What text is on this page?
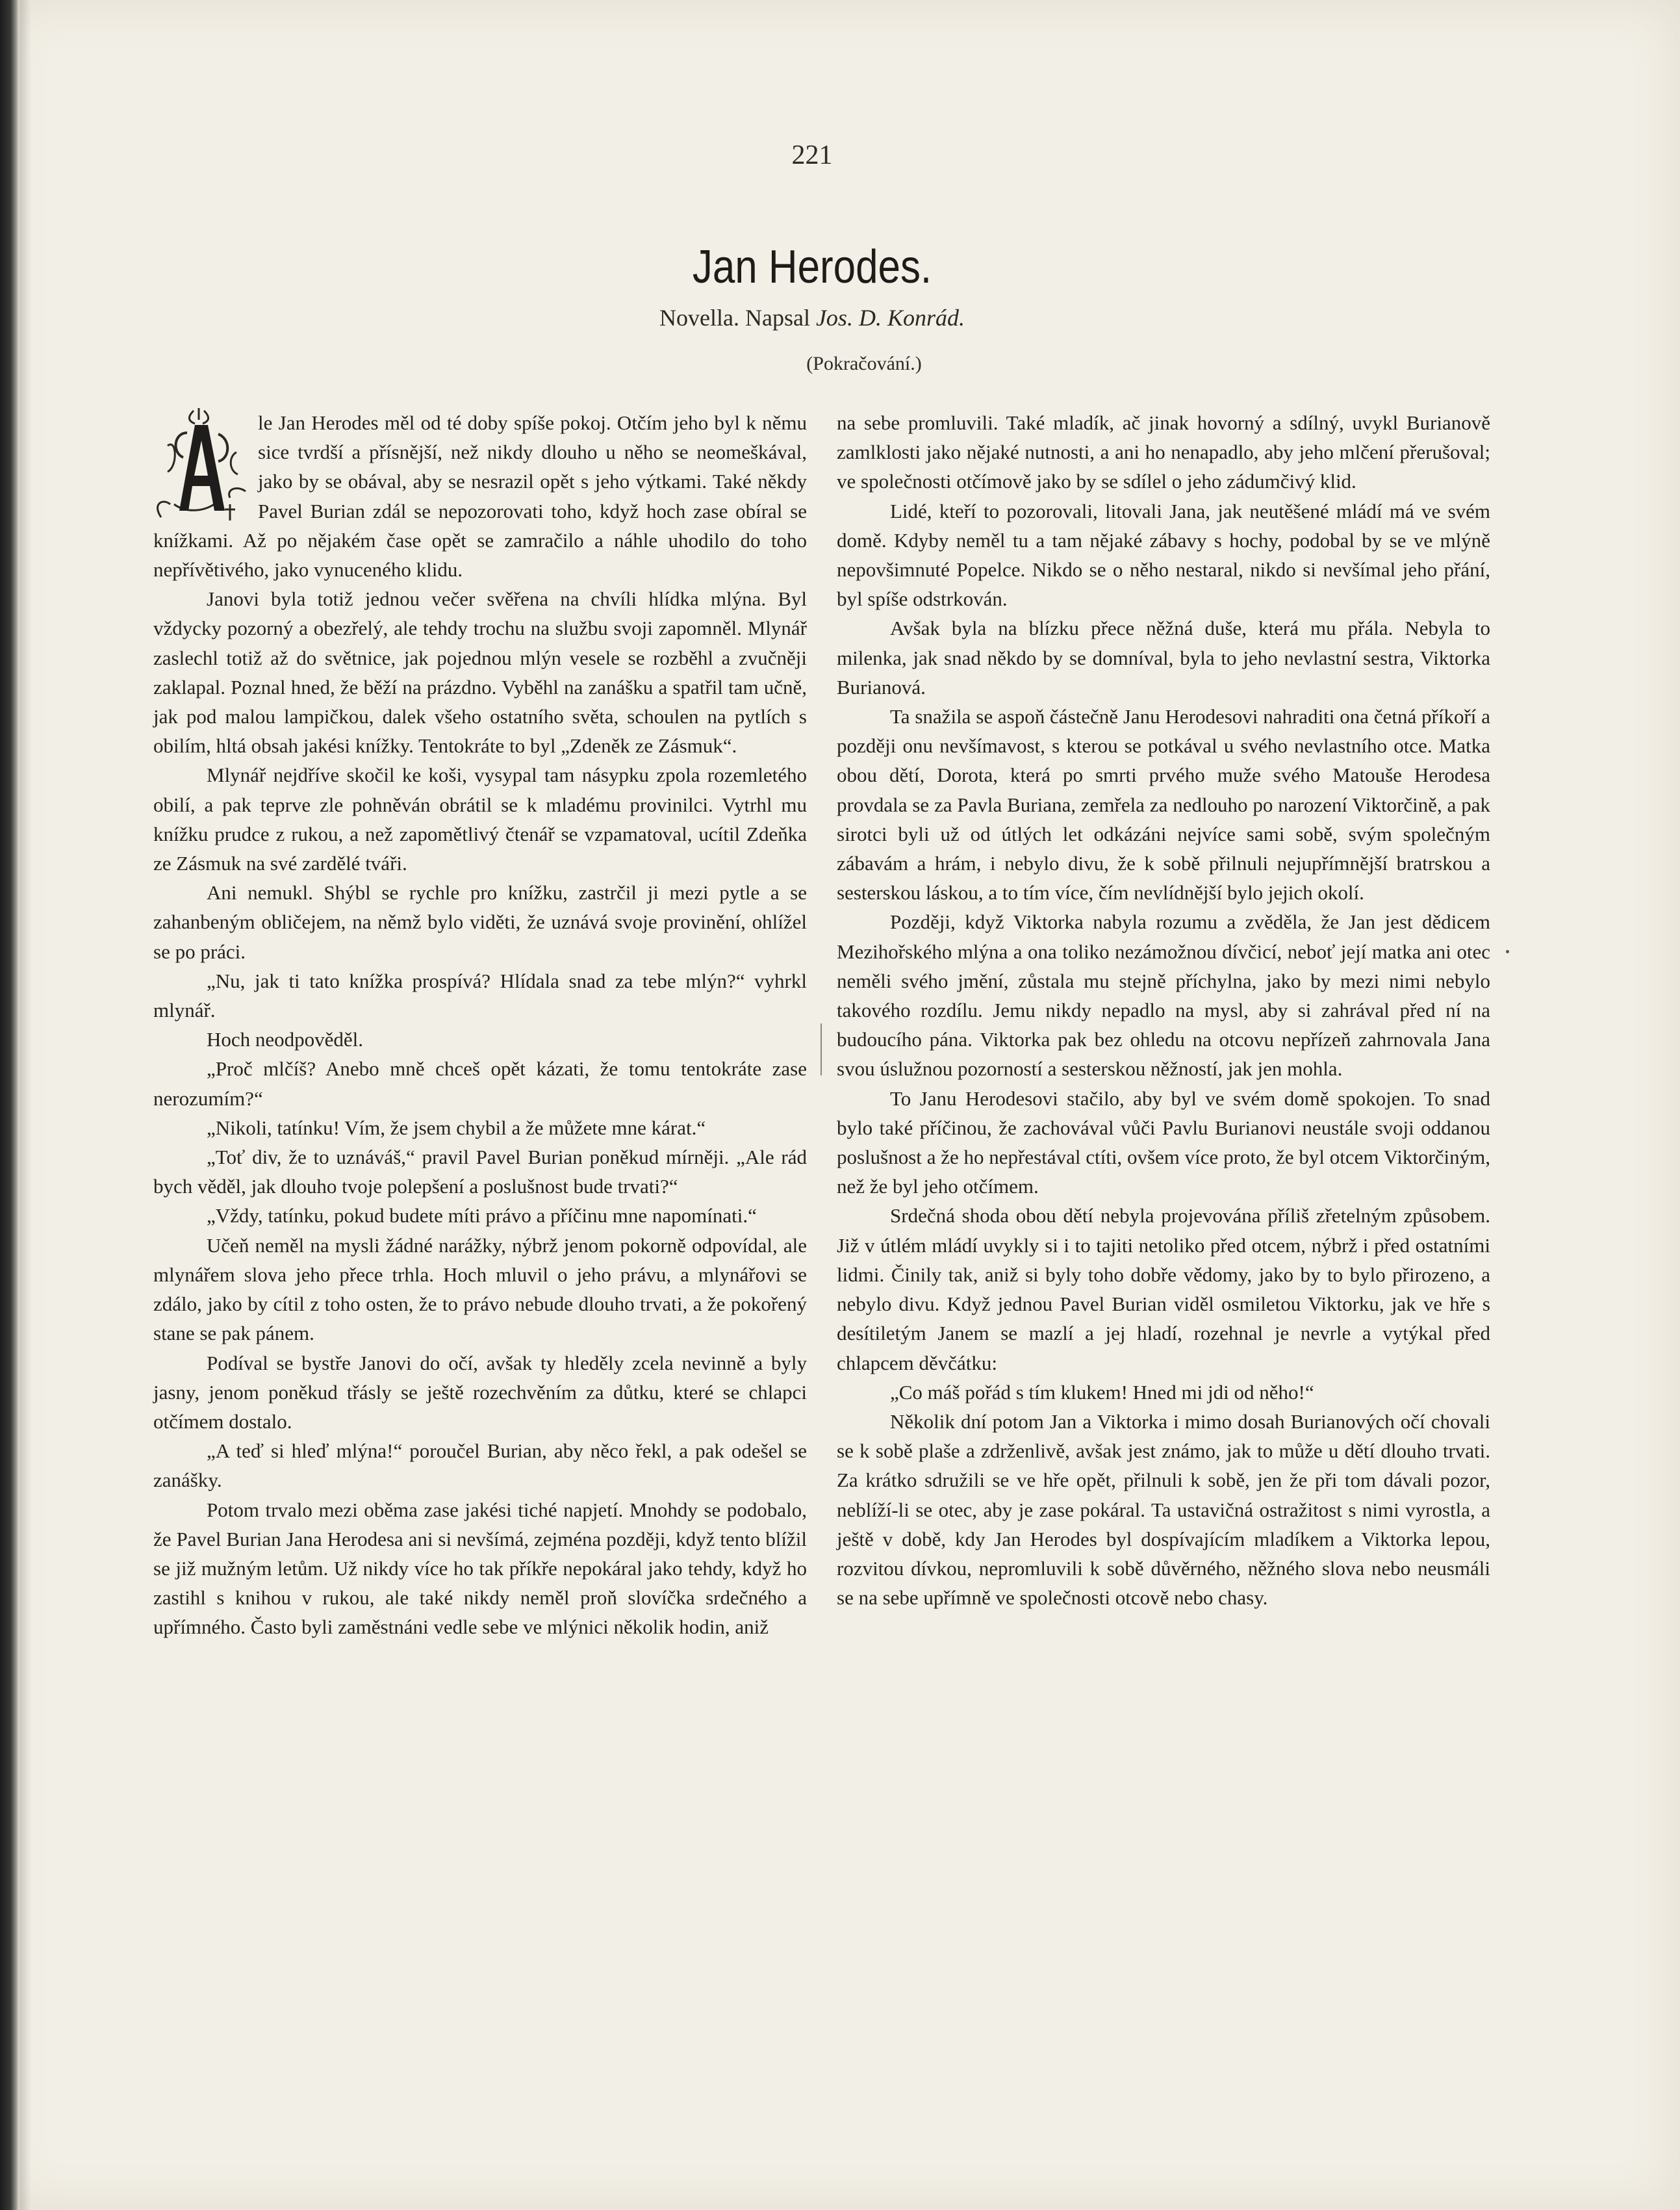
221
Jan Herodes.
Novella. Napsal Jos. D. Konrád.
(Pokračování.)

le Jan Herodes měl od té doby spíše pokoj. Otčím jeho byl k němu sice tvrdší a přísnější, než nikdy dlouho u něho se neomeškával, jako by se obával, aby se nesrazil opět s jeho výtkami. Také někdy Pavel Burian zdál se nepozorovati toho, když hoch zase obíral se knížkami. Až po nějakém čase opět se zamračilo a náhle uhodilo do toho nepřívětivého, jako vynuceného klidu.

Janovi byla totiž jednou večer svěřena na chvíli hlídka mlýna. Byl vždycky pozorný a obezřelý, ale tehdy trochu na službu svoji zapomněl. Mlynář zaslechl totiž až do světnice, jak pojednou mlýn vesele se rozběhl a zvučněji zaklapal. Poznal hned, že běží na prázdno. Vyběhl na zanášku a spatřil tam učně, jak pod malou lampičkou, dalek všeho ostatního světa, schoulen na pytlích s obilím, hltá obsah jakési knížky. Tentokráte to byl „Zdeněk ze Zásmuk“.

Mlynář nejdříve skočil ke koši, vysypal tam násypku zpola rozemletého obilí, a pak teprve zle pohněván obrátil se k mladému provinilci. Vytrhl mu knížku prudce z rukou, a než zapomětlivý čtenář se vzpamatoval, ucítil Zdeňka ze Zásmuk na své zardělé tváři.

Ani nemukl. Shýbl se rychle pro knížku, zastrčil ji mezi pytle a se zahanbeným obličejem, na němž bylo viděti, že uznává svoje provinění, ohlížel se po práci.

„Nu, jak ti tato knížka prospívá? Hlídala snad za tebe mlýn?“ vyhrkl mlynář.

Hoch neodpověděl.

„Proč mlčíš? Anebo mně chceš opět kázati, že tomu tentokráte zase nerozumím?“

„Nikoli, tatínku! Vím, že jsem chybil a že můžete mne kárat.“

„Toť div, že to uznáváš,“ pravil Pavel Burian poněkud mírněji. „Ale rád bych věděl, jak dlouho tvoje polepšení a poslušnost bude trvati?“

„Vždy, tatínku, pokud budete míti právo a příčinu mne napomínati.“

Učeň neměl na mysli žádné narážky, nýbrž jenom pokorně odpovídal, ale mlynářem slova jeho přece trhla. Hoch mluvil o jeho právu, a mlynářovi se zdálo, jako by cítil z toho osten, že to právo nebude dlouho trvati, a že pokořený stane se pak pánem.

Podíval se bystře Janovi do očí, avšak ty hleděly zcela nevinně a byly jasny, jenom poněkud třásly se ještě rozechvěním za důtku, které se chlapci otčímem dostalo.

„A teď si hleď mlýna!“ poroučel Burian, aby něco řekl, a pak odešel se zanášky.

Potom trvalo mezi oběma zase jakési tiché napjetí. Mnohdy se podobalo, že Pavel Burian Jana Herodesa ani si nevšímá, zejména později, když tento blížil se již mužným letům. Už nikdy více ho tak příkře nepokáral jako tehdy, když ho zastihl s knihou v rukou, ale také nikdy neměl proň slovíčka srdečného a upřímného. Často byli zaměstnáni vedle sebe ve mlýnici několik hodin, aniž

na sebe promluvili. Také mladík, ač jinak hovorný a sdílný, uvykl Burianově zamlklosti jako nějaké nutnosti, a ani ho nenapadlo, aby jeho mlčení přerušoval; ve společnosti otčímově jako by se sdílel o jeho zádumčivý klid.

Lidé, kteří to pozorovali, litovali Jana, jak neutěšené mládí má ve svém domě. Kdyby neměl tu a tam nějaké zábavy s hochy, podobal by se ve mlýně nepovšimnuté Popelce. Nikdo se o něho nestaral, nikdo si nevšímal jeho přání, byl spíše odstrkován.

Avšak byla na blízku přece něžná duše, která mu přála. Nebyla to milenka, jak snad někdo by se domníval, byla to jeho nevlastní sestra, Viktorka Burianová.

Ta snažila se aspoň částečně Janu Herodesovi nahraditi ona četná příkoří a později onu nevšímavost, s kterou se potkával u svého nevlastního otce. Matka obou dětí, Dorota, která po smrti prvého muže svého Matouše Herodesa provdala se za Pavla Buriana, zemřela za nedlouho po narození Viktorčině, a pak sirotci byli už od útlých let odkázáni nejvíce sami sobě, svým společným zábavám a hrám, i nebylo divu, že k sobě přilnuli nejupřímnější bratrskou a sesterskou láskou, a to tím více, čím nevlídnější bylo jejich okolí.

Později, když Viktorka nabyla rozumu a zvěděla, že Jan jest dědicem Mezihořského mlýna a ona toliko nezámožnou dívčicí, neboť její matka ani otec neměli svého jmění, zůstala mu stejně příchylna, jako by mezi nimi nebylo takového rozdílu. Jemu nikdy nepadlo na mysl, aby si zahrával před ní na budoucího pána. Viktorka pak bez ohledu na otcovu nepřízeň zahrnovala Jana svou úslužnou pozorností a sesterskou něžností, jak jen mohla.

To Janu Herodesovi stačilo, aby byl ve svém domě spokojen. To snad bylo také příčinou, že zachovával vůči Pavlu Burianovi neustále svoji oddanou poslušnost a že ho nepřestával ctíti, ovšem více proto, že byl otcem Viktorčiným, než že byl jeho otčímem.

Srdečná shoda obou dětí nebyla projevována příliš zřetelným způsobem. Již v útlém mládí uvykly si i to tajiti netoliko před otcem, nýbrž i před ostatními lidmi. Činily tak, aniž si byly toho dobře vědomy, jako by to bylo přirozeno, a nebylo divu. Když jednou Pavel Burian viděl osmiletou Viktorku, jak ve hře s desítiletým Janem se mazlí a jej hladí, rozehnal je nevrle a vytýkal před chlapcem děvčátku:

„Co máš pořád s tím klukem! Hned mi jdi od něho!“

Několik dní potom Jan a Viktorka i mimo dosah Burianových očí chovali se k sobě plaše a zdrženlivě, avšak jest známo, jak to může u dětí dlouho trvati. Za krátko sdružili se ve hře opět, přilnuli k sobě, jen že při tom dávali pozor, neblíží-li se otec, aby je zase pokáral. Ta ustavičná ostražitost s nimi vyrostla, a ještě v době, kdy Jan Herodes byl dospívajícím mladíkem a Viktorka lepou, rozvitou dívkou, nepromluvili k sobě důvěrného, něžného slova nebo neusmáli se na sebe upřímně ve společnosti otcově nebo chasy.
